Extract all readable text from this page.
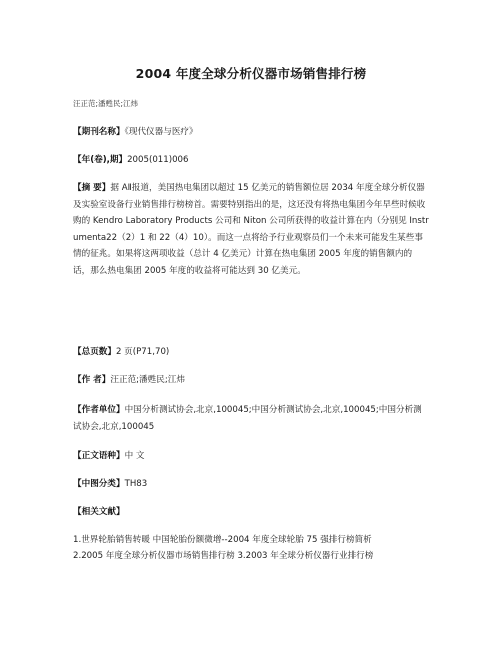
2004 年度全球分析仪器市场销售排行榜
汪正范;潘甦民;江炜
【期刊名称】《现代仪器与医疗》
【年(卷),期】2005(011)006
【摘 要】据 AⅡ报道，美国热电集团以超过 15 亿美元的销售额位居 2034 年度全球分析仪器及实验室设备行业销售排行榜榜首。需要特别指出的是，这还没有将热电集团今年早些时候收购的 Kendro Laboratory Products 公司和 Niton 公司所获得的收益计算在内（分别见 Instrumenta22（2）1 和 22（4）10）。而这一点将给予行业观察员们一个未来可能发生某些事情的征兆。如果将这两项收益（总计 4 亿美元）计算在热电集团 2005 年度的销售额内的话，那么热电集团 2005 年度的收益将可能达到 30 亿美元。
【总页数】2 页(P71,70)
【作 者】汪正范;潘甦民;江炜
【作者单位】中国分析测试协会,北京,100045;中国分析测试协会,北京,100045;中国分析测试协会,北京,100045
【正文语种】中 文
【中图分类】TH83
【相关文献】
1.世界轮胎销售转暖 中国轮胎份额微增--2004 年度全球轮胎 75 强排行榜简析
2.2005 年度全球分析仪器市场销售排行榜 3.2003 年全球分析仪器行业排行榜
